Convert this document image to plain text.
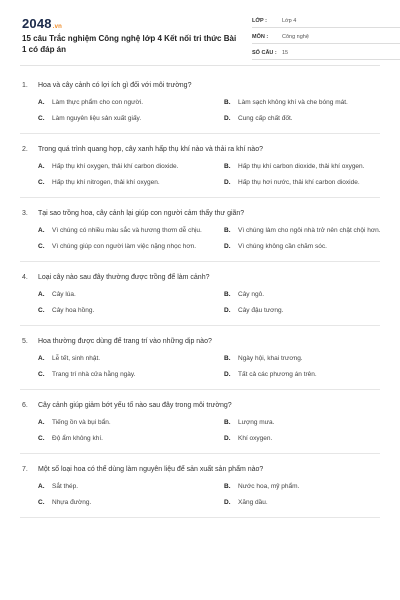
2048.vn
15 câu Trắc nghiệm Công nghệ lớp 4 Kết nối tri thức Bài 1 có đáp án
LỚP :	Lớp 4
MÔN :	Công nghệ
SỐ CÂU : 15
1.	Hoa và cây cảnh có lợi ích gì đối với môi trường?
A.	Làm thực phẩm cho con người.	B.	Làm sạch không khí và che bóng mát.
C.	Làm nguyên liệu sản xuất giấy.	D.	Cung cấp chất đốt.
2.	Trong quá trình quang hợp, cây xanh hấp thụ khí nào và thải ra khí nào?
A.	Hấp thụ khí oxygen, thải khí carbon dioxide.	B.	Hấp thụ khí carbon dioxide, thải khí oxygen.
C.	Hấp thụ khí nitrogen, thải khí oxygen.	D.	Hấp thụ hơi nước, thải khí carbon dioxide.
3.	Tại sao trồng hoa, cây cảnh lại giúp con người cảm thấy thư giãn?
A.	Vì chúng có nhiều màu sắc và hương thơm dễ chịu.	B.	Vì chúng làm cho ngôi nhà trở nên chật chội hơn.
C.	Vì chúng giúp con người làm việc nặng nhọc hơn.	D.	Vì chúng không cần chăm sóc.
4.	Loại cây nào sau đây thường được trồng để làm cảnh?
A.	Cây lúa.	B.	Cây ngô.
C.	Cây hoa hồng.	D.	Cây đậu tương.
5.	Hoa thường được dùng để trang trí vào những dịp nào?
A.	Lễ tết, sinh nhật.	B.	Ngày hội, khai trương.
C.	Trang trí nhà cửa hằng ngày.	D.	Tất cả các phương án trên.
6.	Cây cảnh giúp giảm bớt yếu tố nào sau đây trong môi trường?
A.	Tiếng ồn và bụi bẩn.	B.	Lượng mưa.
C.	Độ ẩm không khí.	D.	Khí oxygen.
7.	Một số loại hoa có thể dùng làm nguyên liệu để sản xuất sản phẩm nào?
A.	Sắt thép.	B.	Nước hoa, mỹ phẩm.
C.	Nhựa đường.	D.	Xăng dầu.
